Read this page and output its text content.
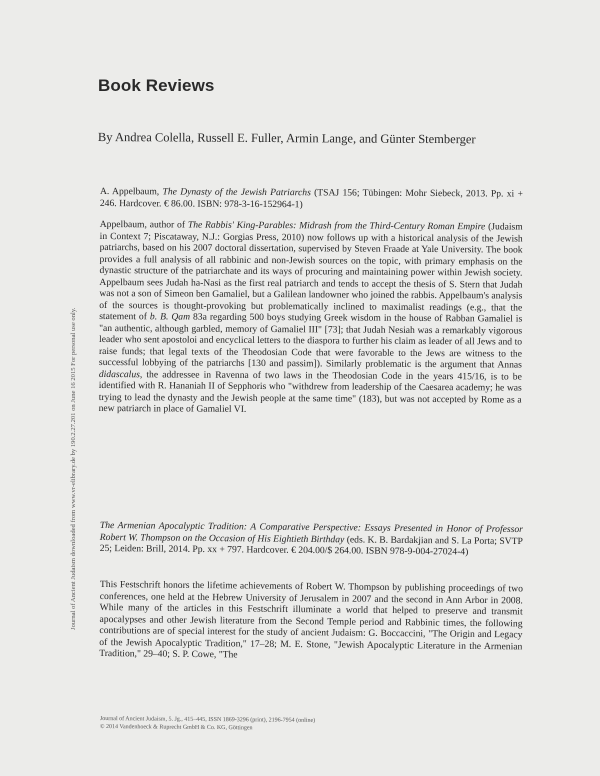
Book Reviews
By Andrea Colella, Russell E. Fuller, Armin Lange, and Günter Stemberger
Journal of Ancient Judaism downloaded from www.vr-elibrary.de by 190.2.27.201 on June 16 2015 For personal use only.

A. Appelbaum, The Dynasty of the Jewish Patriarchs (TSAJ 156; Tübingen: Mohr Siebeck, 2013. Pp. xi + 246. Hardcover. € 86.00. ISBN: 978-3-16-152964-1)

Appelbaum, author of The Rabbis' King-Parables: Midrash from the Third-Century Roman Empire (Judaism in Context 7; Piscataway, N.J.: Gorgias Press, 2010) now follows up with a historical analysis of the Jewish patriarchs, based on his 2007 doctoral dissertation, supervised by Steven Fraade at Yale University. The book provides a full analysis of all rabbinic and non-Jewish sources on the topic, with primary emphasis on the dynastic structure of the patriarchate and its ways of procuring and maintaining power within Jewish society. Appelbaum sees Judah ha-Nasi as the first real patriarch and tends to accept the thesis of S. Stern that Judah was not a son of Simeon ben Gamaliel, but a Galilean landowner who joined the rabbis. Appelbaum's analysis of the sources is thought-provoking but problematically inclined to maximalist readings (e.g., that the statement of b. B. Qam 83a regarding 500 boys studying Greek wisdom in the house of Rabban Gamaliel is "an authentic, although garbled, memory of Gamaliel III" [73]; that Judah Nesiah was a remarkably vigorous leader who sent apostoloi and encyclical letters to the diaspora to further his claim as leader of all Jews and to raise funds; that legal texts of the Theodosian Code that were favorable to the Jews are witness to the successful lobbying of the patriarchs [130 and passim]). Similarly problematic is the argument that Annas didascalus, the addressee in Ravenna of two laws in the Theodosian Code in the years 415/16, is to be identified with R. Hananiah II of Sepphoris who "withdrew from leadership of the Caesarea academy; he was trying to lead the dynasty and the Jewish people at the same time" (183), but was not accepted by Rome as a new patriarch in place of Gamaliel VI.

The Armenian Apocalyptic Tradition: A Comparative Perspective: Essays Presented in Honor of Professor Robert W. Thompson on the Occasion of His Eightieth Birthday (eds. K. B. Bardakjian and S. La Porta; SVTP 25; Leiden: Brill, 2014. Pp. xx + 797. Hardcover. € 204.00/$ 264.00. ISBN 978-9-004-27024-4)

This Festschrift honors the lifetime achievements of Robert W. Thompson by publishing proceedings of two conferences, one held at the Hebrew University of Jerusalem in 2007 and the second in Ann Arbor in 2008. While many of the articles in this Festschrift illuminate a world that helped to preserve and transmit apocalypses and other Jewish literature from the Second Temple period and Rabbinic times, the following contributions are of special interest for the study of ancient Judaism: G. Boccaccini, "The Origin and Legacy of the Jewish Apocalyptic Tradition," 17–28; M. E. Stone, "Jewish Apocalyptic Literature in the Armenian Tradition," 29–40; S. P. Cowe, "The

Journal of Ancient Judaism, 5. Jg., 415–445, ISSN 1869-3296 (print), 2196-7954 (online)
© 2014 Vandenhoeck & Ruprecht GmbH & Co. KG, Göttingen
